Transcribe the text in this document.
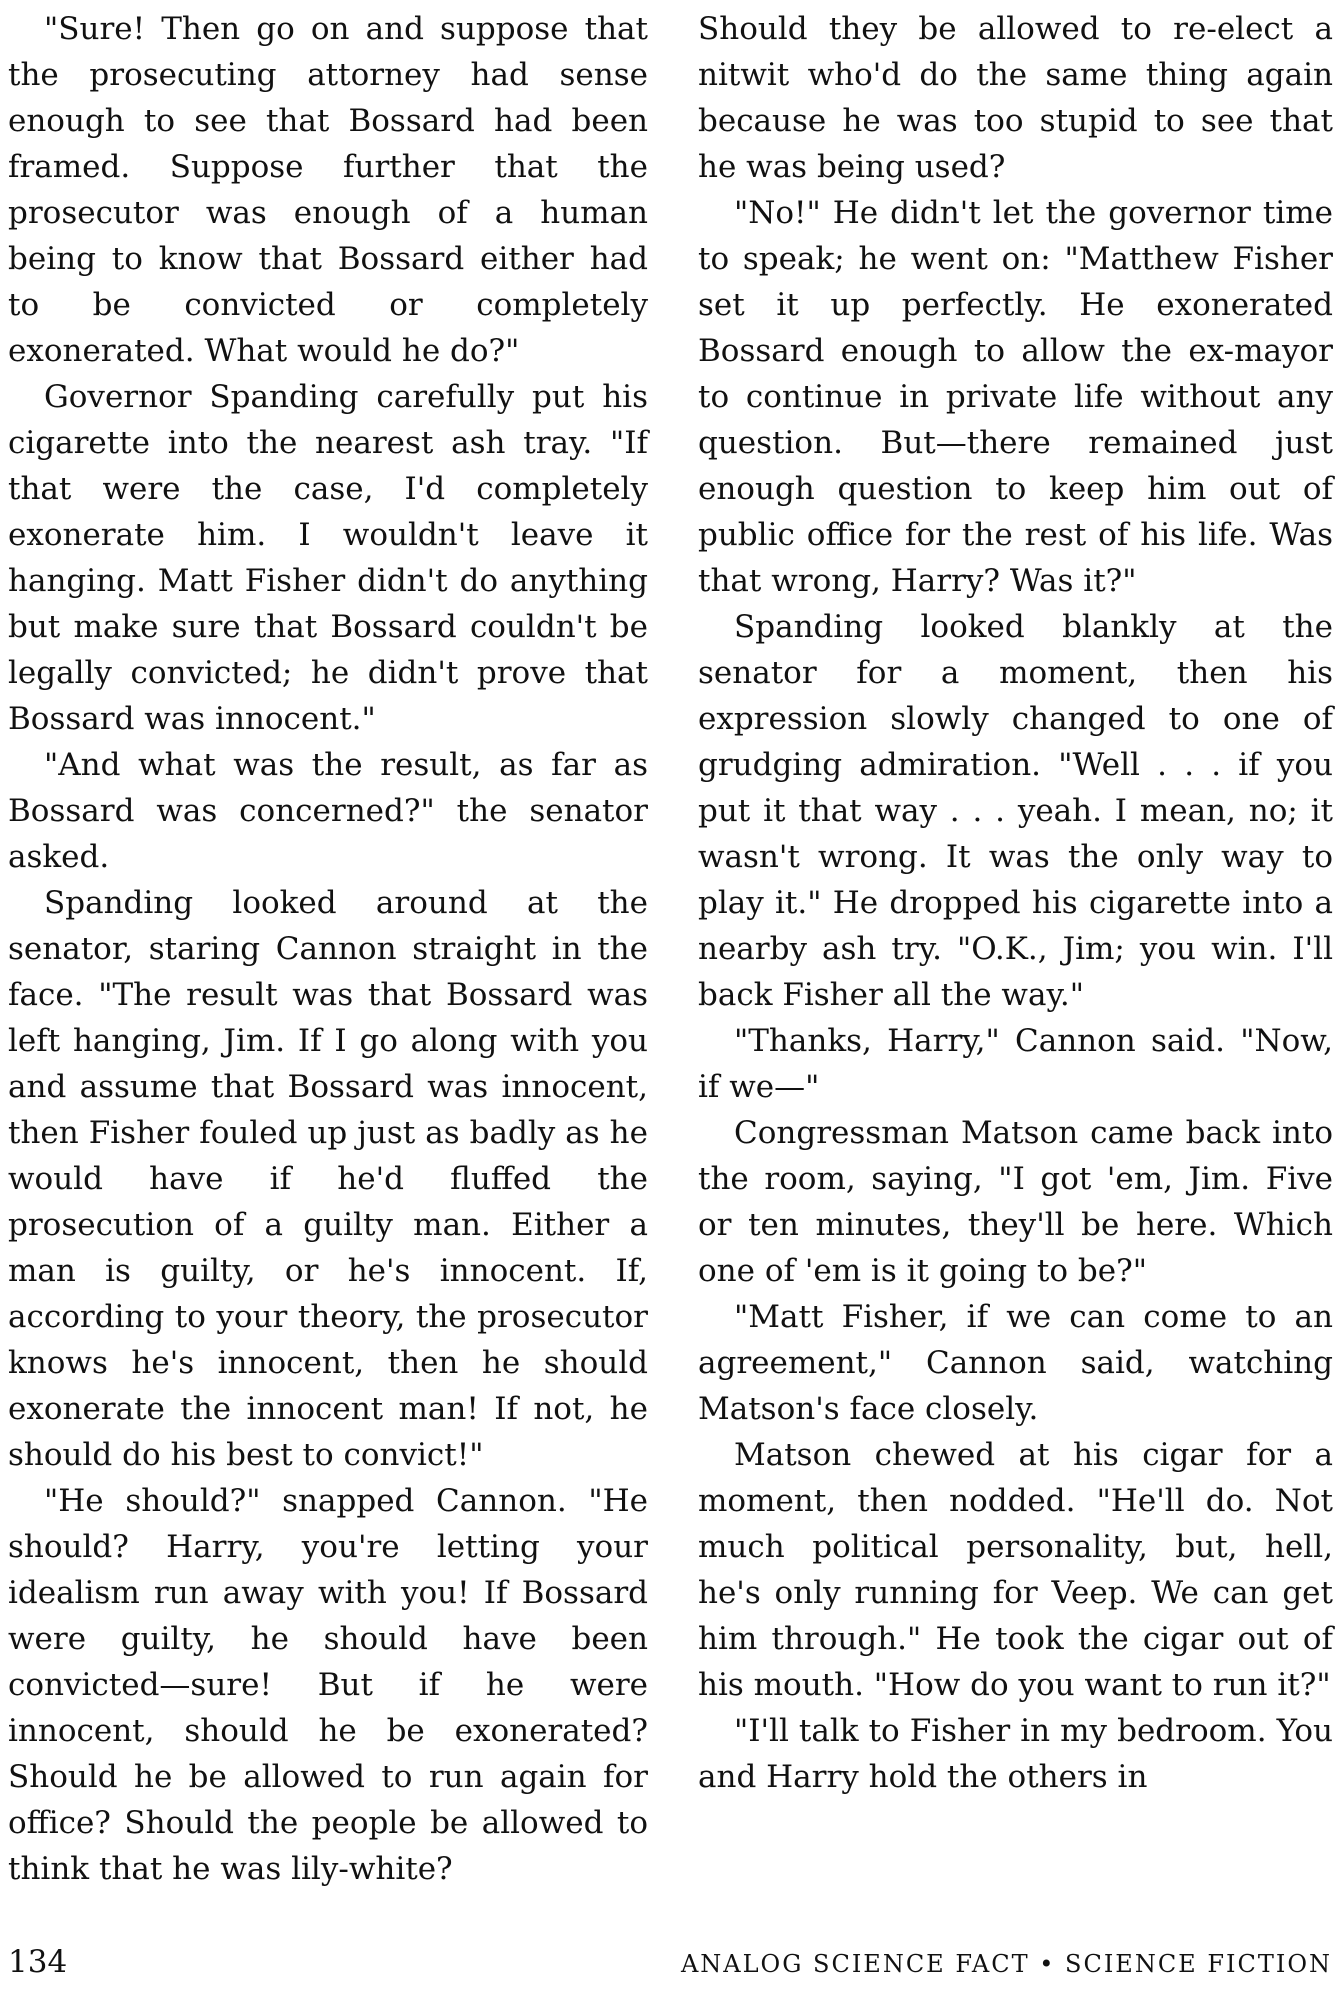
"Sure! Then go on and suppose that the prosecuting attorney had sense enough to see that Bossard had been framed. Suppose further that the prosecutor was enough of a human being to know that Bossard either had to be convicted or completely exonerated. What would he do?"

Governor Spanding carefully put his cigarette into the nearest ash tray. "If that were the case, I'd completely exonerate him. I wouldn't leave it hanging. Matt Fisher didn't do anything but make sure that Bossard couldn't be legally convicted; he didn't prove that Bossard was innocent."

"And what was the result, as far as Bossard was concerned?" the senator asked.

Spanding looked around at the senator, staring Cannon straight in the face. "The result was that Bossard was left hanging, Jim. If I go along with you and assume that Bossard was innocent, then Fisher fouled up just as badly as he would have if he'd fluffed the prosecution of a guilty man. Either a man is guilty, or he's innocent. If, according to your theory, the prosecutor knows he's innocent, then he should exonerate the innocent man! If not, he should do his best to convict!"

"He should?" snapped Cannon. "He should? Harry, you're letting your idealism run away with you! If Bossard were guilty, he should have been convicted—sure! But if he were innocent, should he be exonerated? Should he be allowed to run again for office? Should the people be allowed to think that he was lily-white?

Should they be allowed to re-elect a nitwit who'd do the same thing again because he was too stupid to see that he was being used?

"No!" He didn't let the governor time to speak; he went on: "Matthew Fisher set it up perfectly. He exonerated Bossard enough to allow the ex-mayor to continue in private life without any question. But—there remained just enough question to keep him out of public office for the rest of his life. Was that wrong, Harry? Was it?"

Spanding looked blankly at the senator for a moment, then his expression slowly changed to one of grudging admiration. "Well . . . if you put it that way . . . yeah. I mean, no; it wasn't wrong. It was the only way to play it." He dropped his cigarette into a nearby ash try. "O.K., Jim; you win. I'll back Fisher all the way."

"Thanks, Harry," Cannon said. "Now, if we—"

Congressman Matson came back into the room, saying, "I got 'em, Jim. Five or ten minutes, they'll be here. Which one of 'em is it going to be?"

"Matt Fisher, if we can come to an agreement," Cannon said, watching Matson's face closely.

Matson chewed at his cigar for a moment, then nodded. "He'll do. Not much political personality, but, hell, he's only running for Veep. We can get him through." He took the cigar out of his mouth. "How do you want to run it?"

"I'll talk to Fisher in my bedroom. You and Harry hold the others in

134	ANALOG SCIENCE FACT • SCIENCE FICTION
